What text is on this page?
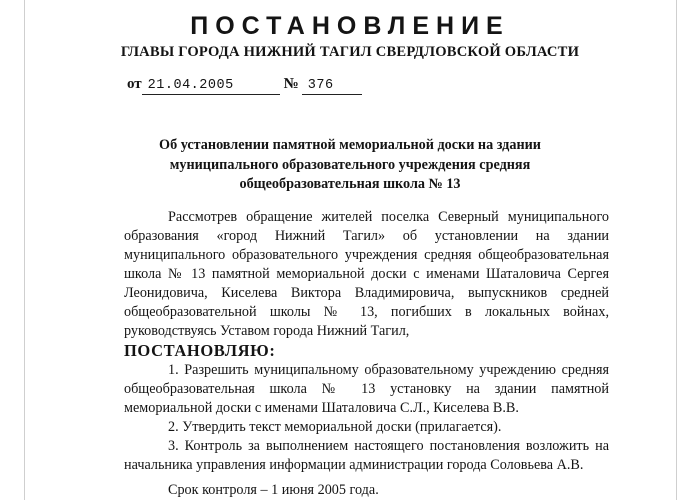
ПОСТАНОВЛЕНИЕ
ГЛАВЫ ГОРОДА НИЖНИЙ ТАГИЛ СВЕРДЛОВСКОЙ ОБЛАСТИ
от 21.04.2005	№ 376
Об установлении памятной мемориальной доски на здании
муниципального образовательного учреждения средняя
общеобразовательная школа № 13

Рассмотрев обращение жителей поселка Северный муниципального образования «город Нижний Тагил» об установлении на здании муниципального образовательного учреждения средняя общеобразовательная школа № 13 памятной мемориальной доски с именами Шаталовича Сергея Леонидовича, Киселева Виктора Владимировича, выпускников средней общеобразовательной школы № 13, погибших в локальных войнах, руководствуясь Уставом города Нижний Тагил,

ПОСТАНОВЛЯЮ:

1. Разрешить муниципальному образовательному учреждению средняя общеобразовательная школа № 13 установку на здании памятной мемориальной доски с именами Шаталовича С.Л., Киселева В.В.

2. Утвердить текст мемориальной доски (прилагается).

3. Контроль за выполнением настоящего постановления возложить на начальника управления информации администрации города Соловьева А.В.

Срок контроля – 1 июня 2005 года.
